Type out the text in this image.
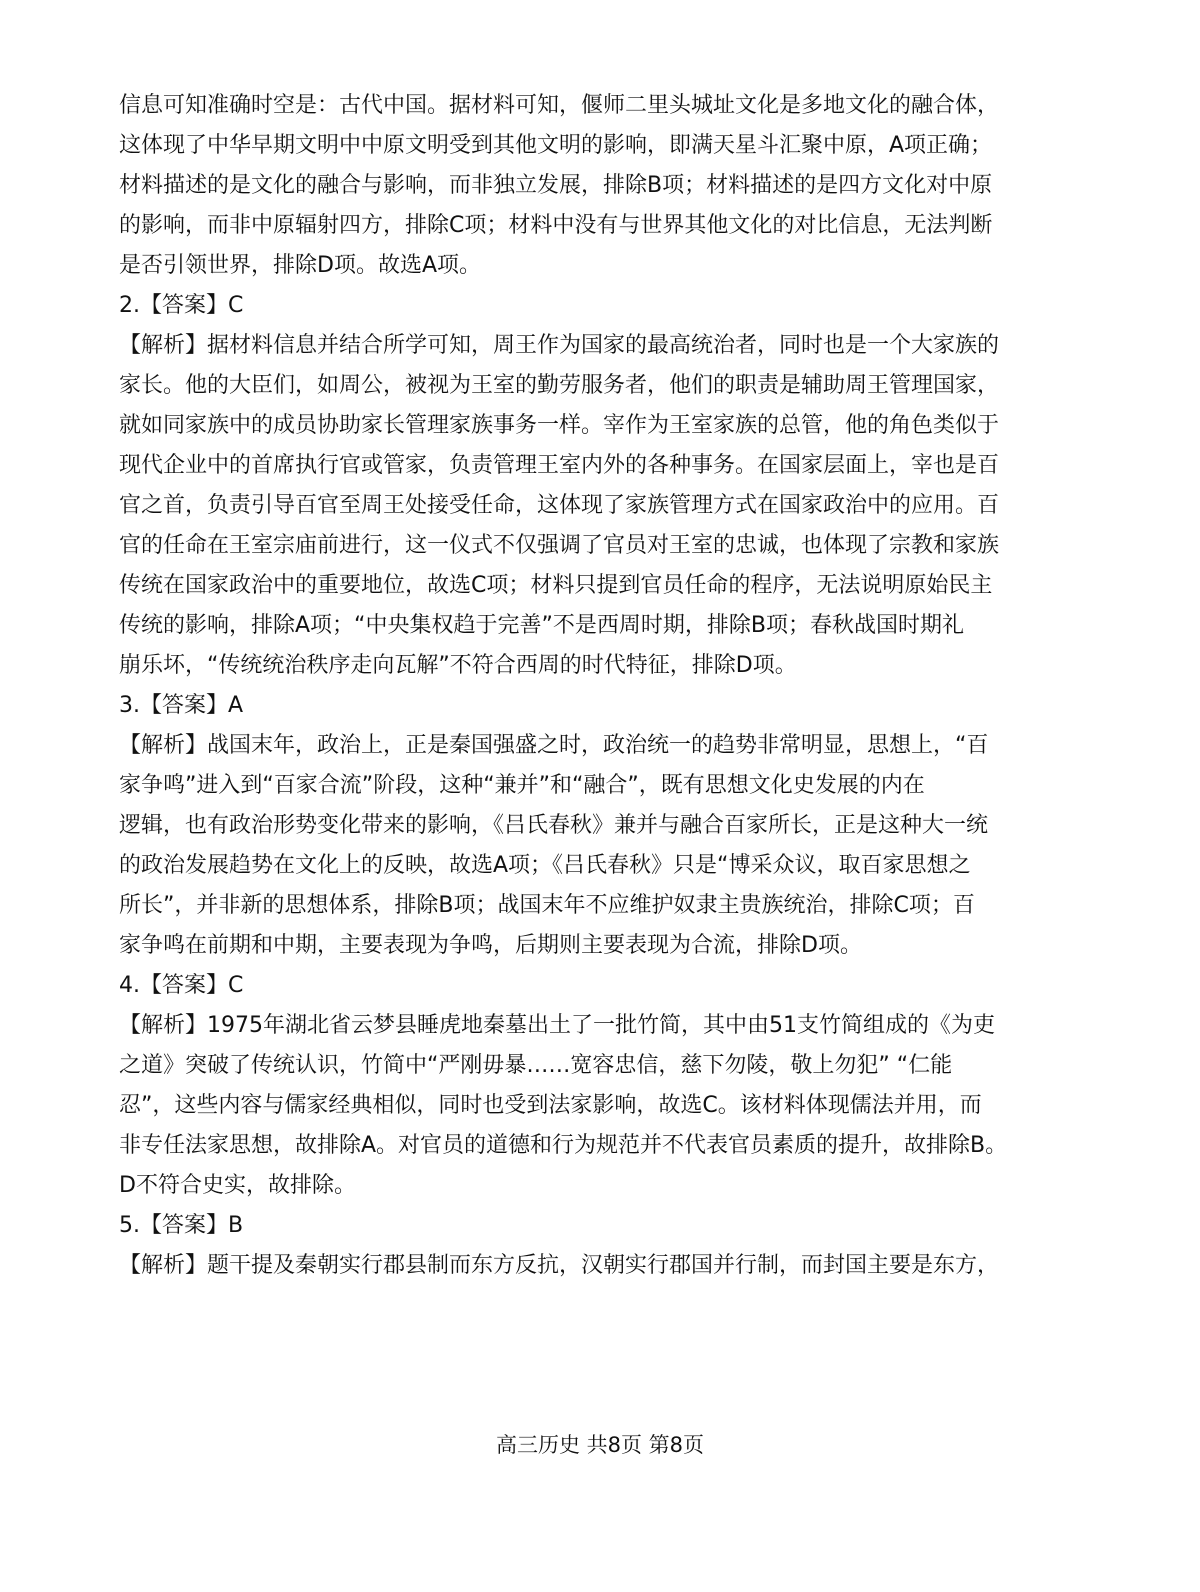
信息可知准确时空是：古代中国。据材料可知，偃师二里头城址文化是多地文化的融合体，
这体现了中华早期文明中中原文明受到其他文明的影响，即满天星斗汇聚中原，A项正确；
材料描述的是文化的融合与影响，而非独立发展，排除B项；材料描述的是四方文化对中原
的影响，而非中原辐射四方，排除C项；材料中没有与世界其他文化的对比信息，无法判断
是否引领世界，排除D项。故选A项。
2.【答案】C
【解析】据材料信息并结合所学可知，周王作为国家的最高统治者，同时也是一个大家族的
家长。他的大臣们，如周公，被视为王室的勤劳服务者，他们的职责是辅助周王管理国家，
就如同家族中的成员协助家长管理家族事务一样。宰作为王室家族的总管，他的角色类似于
现代企业中的首席执行官或管家，负责管理王室内外的各种事务。在国家层面上，宰也是百
官之首，负责引导百官至周王处接受任命，这体现了家族管理方式在国家政治中的应用。百
官的任命在王室宗庙前进行，这一仪式不仅强调了官员对王室的忠诚，也体现了宗教和家族
传统在国家政治中的重要地位，故选C项；材料只提到官员任命的程序，无法说明原始民主
传统的影响，排除A项；“中央集权趋于完善”不是西周时期，排除B项；春秋战国时期礼
崩乐坏，“传统统治秩序走向瓦解”不符合西周的时代特征，排除D项。
3.【答案】A
【解析】战国末年，政治上，正是秦国强盛之时，政治统一的趋势非常明显，思想上，“百
家争鸣”进入到“百家合流”阶段，这种“兼并”和“融合”，既有思想文化史发展的内在
逻辑，也有政治形势变化带来的影响，《吕氏春秋》兼并与融合百家所长，正是这种大一统
的政治发展趋势在文化上的反映，故选A项；《吕氏春秋》只是“博采众议，取百家思想之
所长”，并非新的思想体系，排除B项；战国末年不应维护奴隶主贵族统治，排除C项；百
家争鸣在前期和中期，主要表现为争鸣，后期则主要表现为合流，排除D项。
4.【答案】C
【解析】1975年湖北省云梦县睡虎地秦墓出土了一批竹简，其中由51支竹简组成的《为吏
之道》突破了传统认识，竹简中“严刚毋暴……宽容忠信，慈下勿陵，敬上勿犯” “仁能
忍”，这些内容与儒家经典相似，同时也受到法家影响，故选C。该材料体现儒法并用，而
非专任法家思想，故排除A。对官员的道德和行为规范并不代表官员素质的提升，故排除B。
D不符合史实，故排除。
5.【答案】B
【解析】题干提及秦朝实行郡县制而东方反抗，汉朝实行郡国并行制，而封国主要是东方，
高三历史 共8页 第8页
